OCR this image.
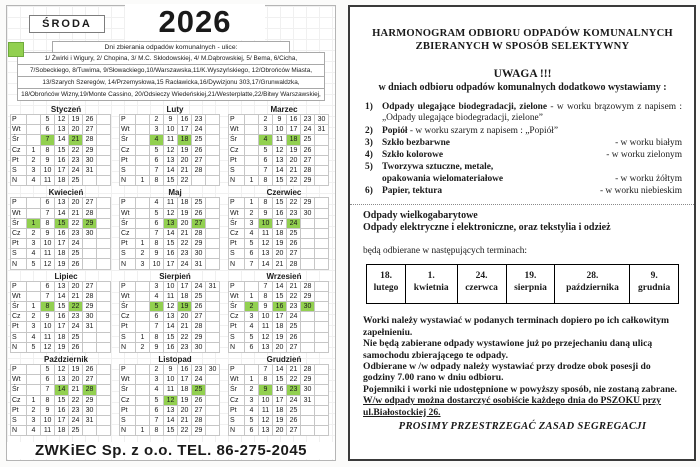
ŚRODA	2026
Dni zbierania odpadów komunalnych - ulice:
1/ Żwirki i Wigury, 2/ Chopina, 3/ M.C. Skłodowskiej, 4/ M.Dąbrowskiej, 5/ Bema, 6/Cicha,
7/Sobeckiego, 8/Tuwima, 9/Słowackiego,10/Warszawska,11/K.Wyszyńskiego, 12/Obrońców Miasta,
13/Szarych Szeregów, 14/Przemysłowa,15 Racławicka,16/Dywizjonu 303,17/Grunwaldzka,
18/Obrońców Wizny,19/Monte Cassino, 20/Odsieczy Wiedeńskiej,21/Westerplatte,22/Bitwy Warszawskiej,
Styczeń
P		5	12	19	26	
Wt		6	13	20	27	
Śr		7	14	21	28	
Cz	1	8	15	22	29	
Pt	2	9	16	23	30	
S	3	10	17	24	31	
N	4	11	18	25		
Luty
P		2	9	16	23	
Wt		3	10	17	24	
Śr		4	11	18	25	
Cz		5	12	19	26	
Pt		6	13	20	27	
S		7	14	21	28	
N	1	8	15	22		
Marzec
P		2	9	16	23	30
Wt		3	10	17	24	31
Śr		4	11	18	25	
Cz		5	12	19	26	
Pt		6	13	20	27	
S		7	14	21	28	
N	1	8	15	22	29	
Kwiecień
P		6	13	20	27	
Wt		7	14	21	28	
Śr	1	8	15	22	29	
Cz	2	9	16	23	30	
Pt	3	10	17	24		
S	4	11	18	25		
N	5	12	19	26		
Maj
P		4	11	18	25	
Wt		5	12	19	26	
Śr		6	13	20	27	
Cz		7	14	21	28	
Pt	1	8	15	22	29	
S	2	9	16	23	30	
N	3	10	17	24	31	
Czerwiec
P	1	8	15	22	29	
Wt	2	9	16	23	30	
Śr	3	10	17	24		
Cz	4	11	18	25		
Pt	5	12	19	26		
S	6	13	20	27		
N	7	14	21	28		
Lipiec
P		6	13	20	27	
Wt		7	14	21	28	
Śr	1	8	15	22	29	
Cz	2	9	16	23	30	
Pt	3	10	17	24	31	
S	4	11	18	25		
N	5	12	19	26		
Sierpień
P		3	10	17	24	31
Wt		4	11	18	25	
Śr		5	12	19	26	
Cz		6	13	20	27	
Pt		7	14	21	28	
S	1	8	15	22	29	
N	2	9	16	23	30	
Wrzesień
P		7	14	21	28	
Wt	1	8	15	22	29	
Śr	2	9	16	23	30	
Cz	3	10	17	24		
Pt	4	11	18	25		
S	5	12	19	26		
N	6	13	20	27		
Październik
P		5	12	19	26	
Wt		6	13	20	27	
Śr		7	14	21	28	
Cz	1	8	15	22	29	
Pt	2	9	16	23	30	
S	3	10	17	24	31	
N	4	11	18	25		
Listopad
P		2	9	16	23	30
Wt		3	10	17	24	
Śr		4	11	18	25	
Cz		5	12	19	26	
Pt		6	13	20	27	
S		7	14	21	28	
N	1	8	15	22	29	
Grudzień
P		7	14	21	28	
Wt	1	8	15	22	29	
Śr	2	9	16	23	30	
Cz	3	10	17	24	31	
Pt	4	11	18	25		
S	5	12	19	26		
N	6	13	20	27		
ZWKiEC Sp. z o.o. TEL. 86-275-2045
HARMONOGRAM ODBIORU ODPADÓW KOMUNALNYCH
ZBIERANYCH W SPOSÓB SELEKTYWNY
UWAGA !!!
w dniach odbioru odpadów komunalnych dodatkowo wystawiamy :
1) Odpady ulegające biodegradacji, zielone - w worku brązowym z napisem : „Odpady ulegające biodegradacji, zielone”
2) Popiół - w worku szarym z napisem : „Popiół”
3) Szkło bezbarwne	- w worku białym
4) Szkło kolorowe	- w worku zielonym
5) Tworzywa sztuczne, metale,
opakowania wielomateriałowe	- w worku żółtym
6) Papier, tektura	- w worku niebieskim
Odpady wielkogabarytowe
Odpady elektryczne i elektroniczne, oraz tekstylia i odzież
będą odbierane w następujących terminach:
18.
lutego

1.
kwietnia

24.
czerwca

19.
sierpnia

28.
października

9.
grudnia
Worki należy wystawiać w podanych terminach dopiero po ich całkowitym zapełnieniu.
Nie będą zabierane odpady wystawione już po przejechaniu daną ulicą samochodu zbierającego te odpady.
Odbierane w /w odpady należy wystawiać przy drodze obok posesji do godziny 7.00 rano w dniu odbioru.
Pojemniki i worki nie udostępnione w powyższy sposób, nie zostaną zabrane.
W/w odpady można dostarczyć osobiście każdego dnia do PSZOKU przy ul.Białostockiej 26.
PROSIMY PRZESTRZEGAĆ ZASAD SEGREGACJI
